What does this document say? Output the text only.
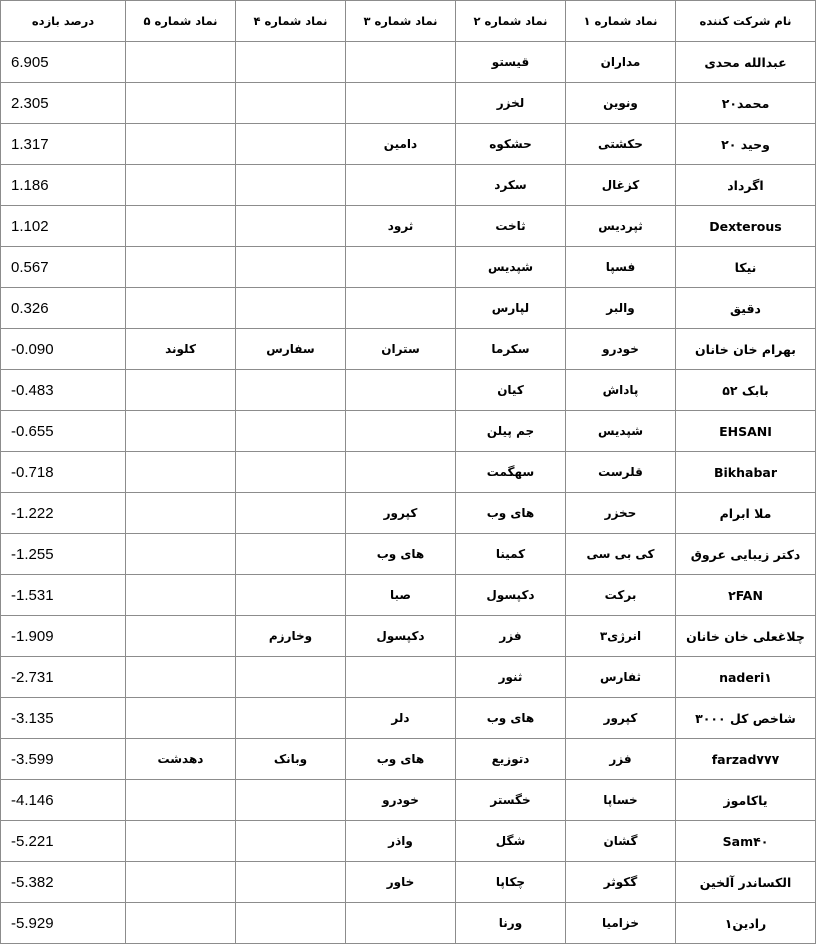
نام شرکت کننده	نماد شماره ۱	نماد شماره ۲	نماد شماره ۳	نماد شماره ۴	نماد شماره ۵	درصد بازده
عبدالله محدی	مداران	قیستو				6.905
محمد۲۰	ونوین	لخزر				2.305
وحید ۲۰	حکشتی	حشکوه	دامین			1.317
اگرداد	کزغال	سکرد				1.186
Dexterous	ثپردیس	ثاخت	ثرود			1.102
نیکا	فسپا	شپدیس				0.567
دقیق	والبر	لپارس				0.326
بهرام خان خانان	خودرو	سکرما	ستران	سفارس	کلوند	-0.090
بابک ۵۲	پاداش	کیان				-0.483
EHSANI	شپدیس	جم پیلن				-0.655
Bikhabar	قلرست	سهگمت				-0.718
ملا ابرام	حخزر	های وب	کپرور			-1.222
دکتر زیبایی عروق	کی بی سی	کمینا	های وب			-1.255
۲FAN	برکت	دکپسول	صبا			-1.531
چلاغعلی خان خانان	انرژی۳	فزر	دکپسول	وخارزم		-1.909
naderi۱	ثفارس	ثنور				-2.731
شاخص کل ۳۰۰۰	کپرور	های وب	دلر			-3.135
farzad۷۷۷	فزر	دتوزیع	های وب	وبانک	دهدشت	-3.599
یاکاموز	خساپا	خگستر	خودرو			-4.146
Sam۴۰	گشان	شگل	واذر			-5.221
الکساندر آلخین	گکوثر	چکاپا	خاور			-5.382
رادین۱	خزامیا	ورنا				-5.929
